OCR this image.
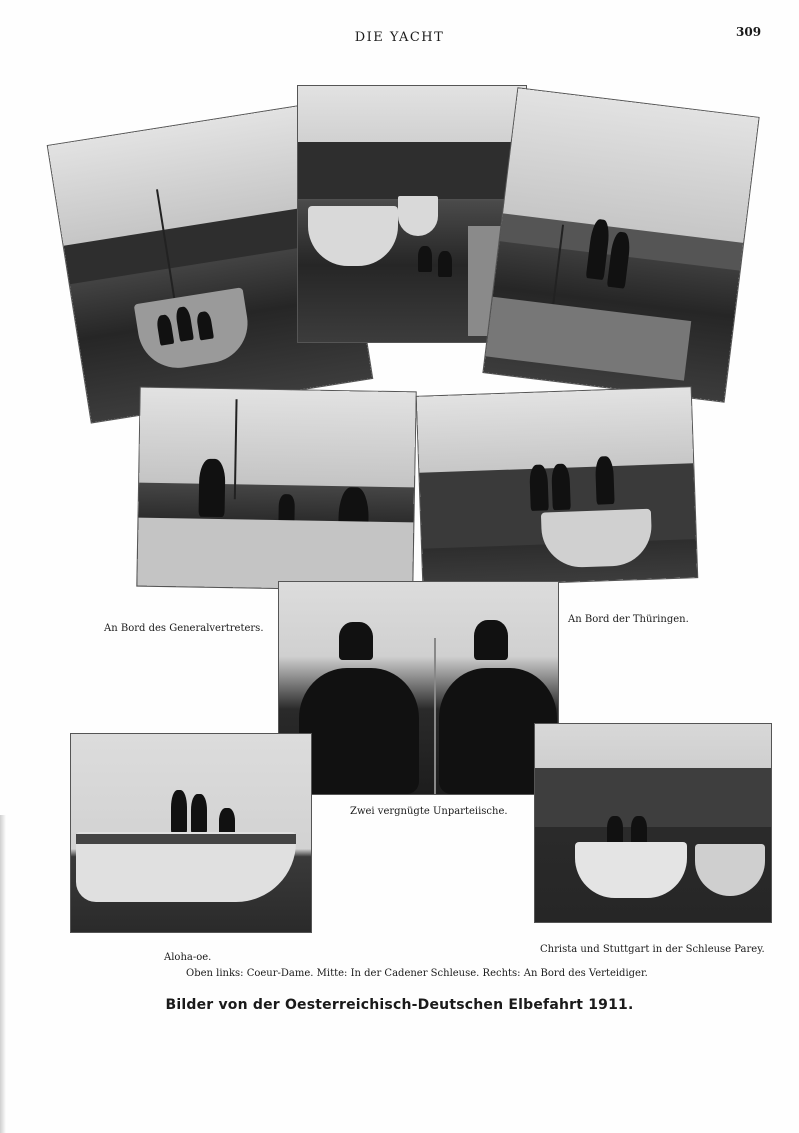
DIE YACHT	309
An Bord des Generalvertreters.
An Bord der Thüringen.
Zwei vergnügte Unparteiische.
Aloha-oe.
Christa und Stuttgart in der Schleuse Parey.
Oben links: Coeur-Dame. Mitte: In der Cadener Schleuse. Rechts: An Bord des Verteidiger.
Bilder von der Oesterreichisch-Deutschen Elbefahrt 1911.
